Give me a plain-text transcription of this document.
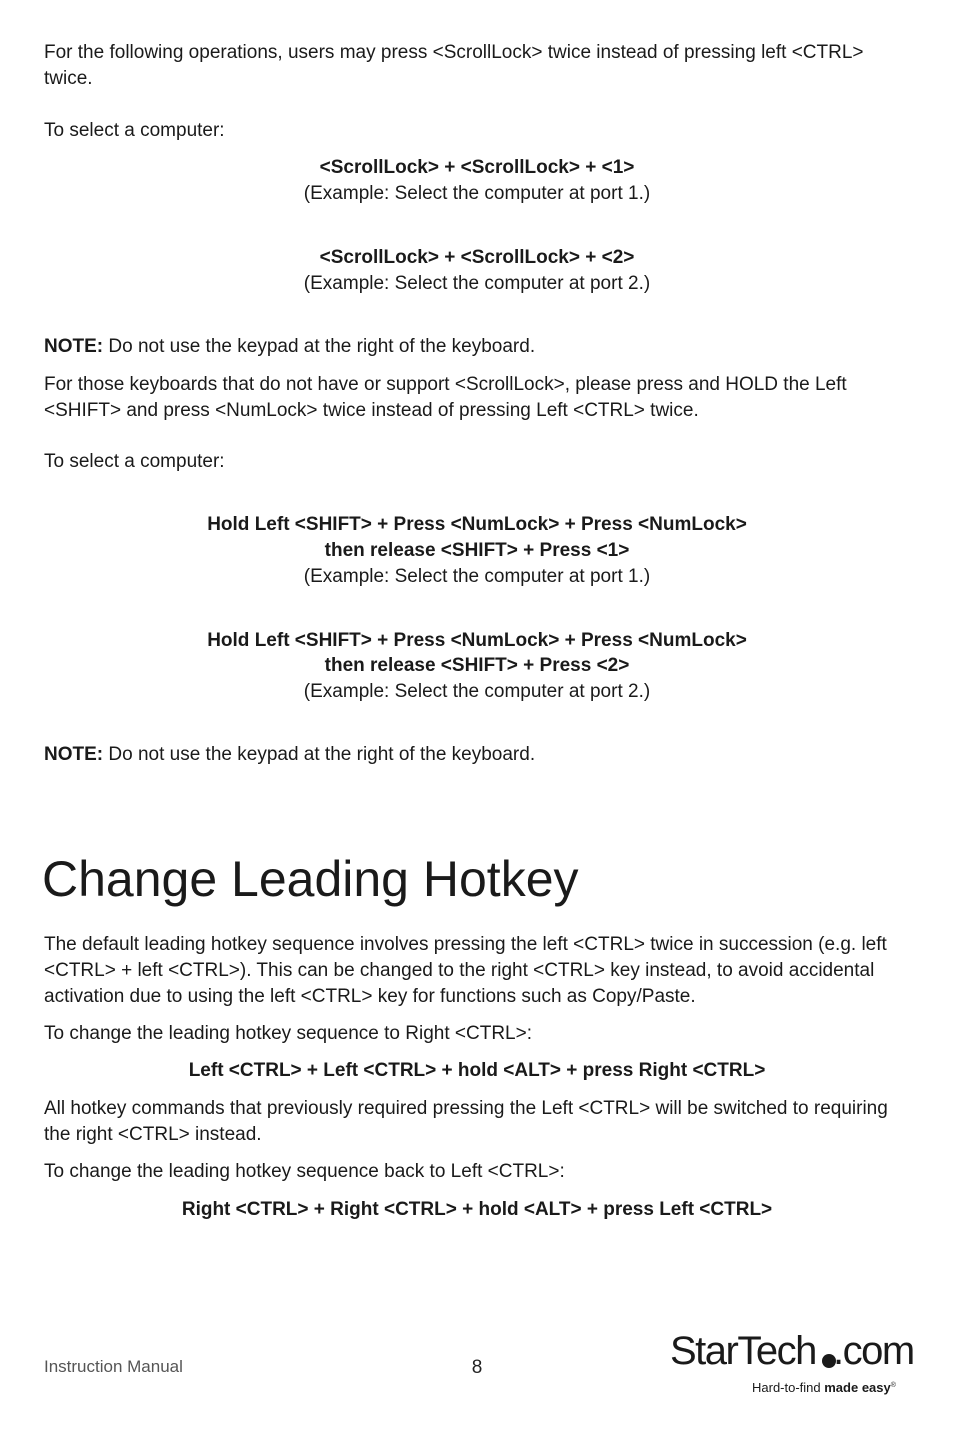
For the following operations, users may press <ScrollLock> twice instead of pressing left <CTRL> twice.

To select a computer:

<ScrollLock> + <ScrollLock> + <1>

(Example: Select the computer at port 1.)

<ScrollLock> + <ScrollLock> + <2>

(Example: Select the computer at port 2.)

NOTE: Do not use the keypad at the right of the keyboard.

For those keyboards that do not have or support <ScrollLock>, please press and HOLD the Left <SHIFT> and press <NumLock> twice instead of pressing Left <CTRL> twice.

To select a computer:

Hold Left <SHIFT> + Press <NumLock> + Press <NumLock>

then release <SHIFT> + Press <1>

(Example: Select the computer at port 1.)

Hold Left <SHIFT> + Press <NumLock> + Press <NumLock>

then release <SHIFT> + Press <2>

(Example: Select the computer at port 2.)

NOTE: Do not use the keypad at the right of the keyboard.

Change Leading Hotkey

The default leading hotkey sequence involves pressing the left <CTRL> twice in succession (e.g. left <CTRL> + left <CTRL>). This can be changed to the right <CTRL> key instead, to avoid accidental activation due to using the left <CTRL> key for functions such as Copy/Paste.

To change the leading hotkey sequence to Right <CTRL>:

Left <CTRL> + Left <CTRL> + hold <ALT> + press Right <CTRL>

All hotkey commands that previously required pressing the Left <CTRL> will be switched to requiring the right <CTRL> instead.

To change the leading hotkey sequence back to Left <CTRL>:

Right <CTRL> + Right <CTRL> + hold <ALT> + press Left <CTRL>

Instruction Manual	8	StarTech .com
Hard-to-find made easy®
